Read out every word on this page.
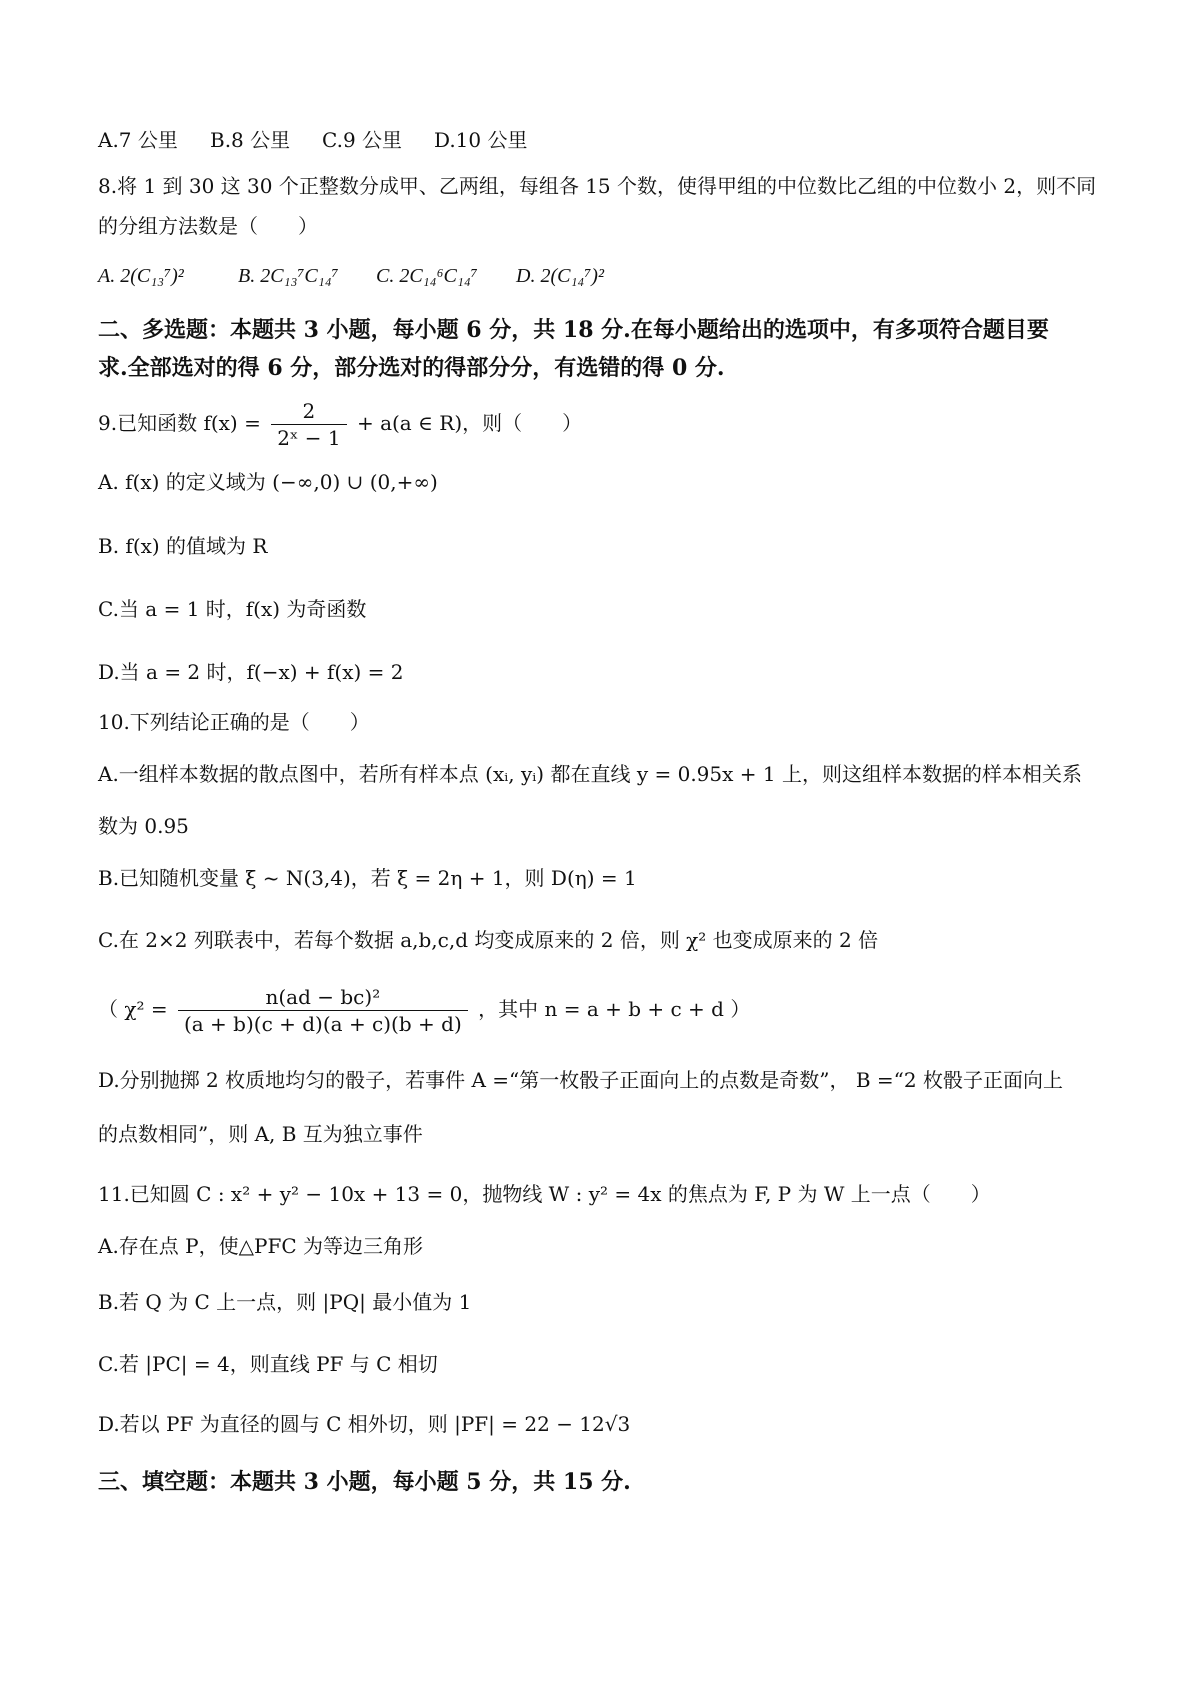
A.7 公里 B.8 公里 C.9 公里 D.10 公里
8.将 1 到 30 这 30 个正整数分成甲、乙两组，每组各 15 个数，使得甲组的中位数比乙组的中位数小 2，则不同
的分组方法数是（　　）
A. 2(C₁₃⁷)²	B. 2C₁₃⁷C₁₄⁷ C. 2C₁₄⁶C₁₄⁷ D. 2(C₁₄⁷)²
二、多选题：本题共 3 小题，每小题 6 分，共 18 分.在每小题给出的选项中，有多项符合题目要
求.全部选对的得 6 分，部分选对的得部分分，有选错的得 0 分.
9.已知函数 $f(x) = \frac{2}{\text{2ˣ − 1}} + a(a$ ∈ R)，则（　　）
A. f(x) 的定义域为 (−∞,0) ∪ (0,+∞)
B. f(x) 的值域为 R
C.当 a = 1 时，f(x) 为奇函数
D.当 a = 2 时，f(−x) + f(x) = 2
10.下列结论正确的是（　　）
A.一组样本数据的散点图中，若所有样本点 (xᵢ, yᵢ) 都在直线 y = 0.95x + 1 上，则这组样本数据的样本相关系
数为 0.95
B.已知随机变量 ξ ~ N(3,4)，若 ξ = 2η + 1，则 D(η) = 1
C.在 2×2 列联表中，若每个数据 a,b,c,d 均变成原来的 2 倍，则 χ² 也变成原来的 2 倍
（ $\chi^2 = \frac{\text{n(ad − bc)²}}{(a + b)(c + d)(a + c)(b + d)}$ ，其中 n = a + b + c + d ）
D.分别抛掷 2 枚质地均匀的骰子，若事件 A =“第一枚骰子正面向上的点数是奇数”， B =“2 枚骰子正面向上
的点数相同”，则 A, B 互为独立事件
11.已知圆 C : x² + y² − 10x + 13 = 0，抛物线 W : y² = 4x 的焦点为 F, P 为 W 上一点（　　）
A.存在点 P，使△PFC 为等边三角形
B.若 Q 为 C 上一点，则 |PQ| 最小值为 1
C.若 |PC| = 4，则直线 PF 与 C 相切
D.若以 PF 为直径的圆与 C 相外切，则 |PF| = 22 − 12√3
三、填空题：本题共 3 小题，每小题 5 分，共 15 分.
